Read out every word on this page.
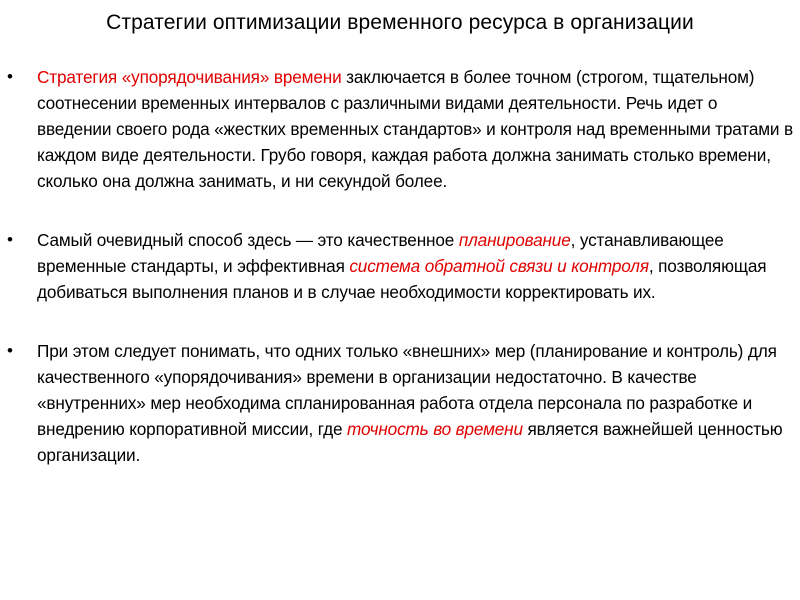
Стратегии оптимизации временного ресурса в организации
•	Стратегия «упорядочивания» времени заключается в более точном (строгом, тщательном) соотнесении временных интервалов с различными видами деятельности. Речь идет о введении своего рода «жестких временных стандартов» и контроля над временными тратами в каждом виде деятельности. Грубо говоря, каждая работа должна занимать столько времени, сколько она должна занимать, и ни секундой более.
•	Самый очевидный способ здесь — это качественное планирование, устанавливающее временные стандарты, и эффективная система обратной связи и контроля, позволяющая добиваться выполнения планов и в случае необходимости корректировать их.
•	При этом следует понимать, что одних только «внешних» мер (планирование и контроль) для качественного «упорядочивания» времени в организации недостаточно. В качестве «внутренних» мер необходима спланированная работа отдела персонала по разработке и внедрению корпоративной миссии, где точность во времени является важнейшей ценностью организации.
